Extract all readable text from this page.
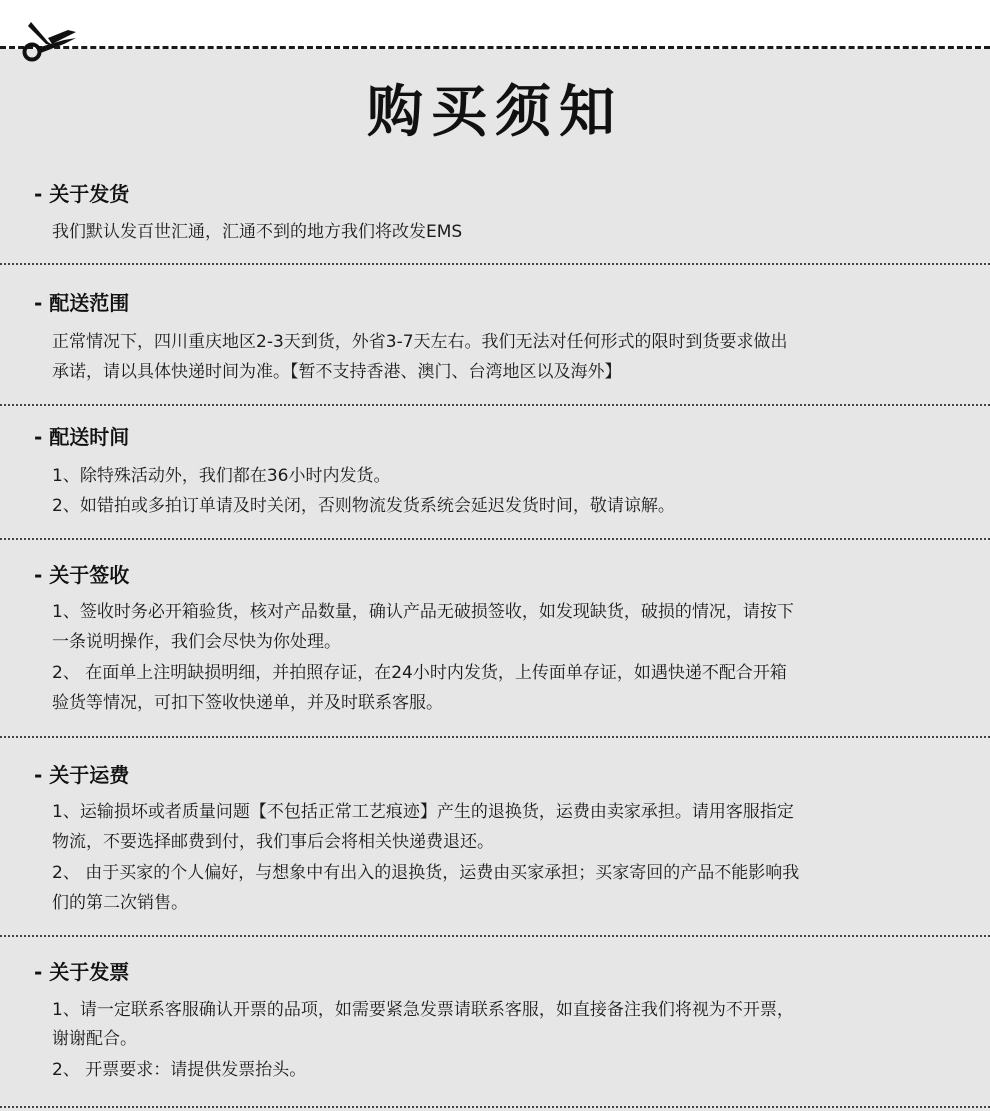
购买须知
- 关于发货
我们默认发百世汇通，汇通不到的地方我们将改发EMS
- 配送范围
正常情况下，四川重庆地区2-3天到货，外省3-7天左右。我们无法对任何形式的限时到货要求做出
承诺，请以具体快递时间为准。【暂不支持香港、澳门、台湾地区以及海外】
- 配送时间
1、除特殊活动外，我们都在36小时内发货。
2、如错拍或多拍订单请及时关闭，否则物流发货系统会延迟发货时间，敬请谅解。
- 关于签收
1、签收时务必开箱验货，核对产品数量，确认产品无破损签收，如发现缺货，破损的情况，请按下
一条说明操作，我们会尽快为你处理。
2、 在面单上注明缺损明细，并拍照存证，在24小时内发货，上传面单存证，如遇快递不配合开箱
验货等情况，可扣下签收快递单，并及时联系客服。
- 关于运费
1、运输损坏或者质量问题【不包括正常工艺痕迹】产生的退换货，运费由卖家承担。请用客服指定
物流，不要选择邮费到付，我们事后会将相关快递费退还。
2、 由于买家的个人偏好，与想象中有出入的退换货，运费由买家承担；买家寄回的产品不能影响我
们的第二次销售。
- 关于发票
1、请一定联系客服确认开票的品项，如需要紧急发票请联系客服，如直接备注我们将视为不开票，
谢谢配合。
2、 开票要求：请提供发票抬头。
